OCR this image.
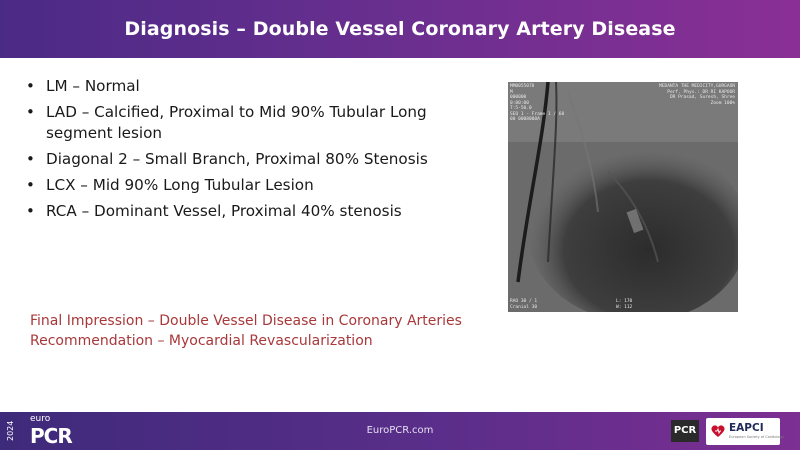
Diagnosis – Double Vessel Coronary Artery Disease
• LM – Normal
• LAD – Calcified, Proximal to Mid 90% Tubular Long segment lesion
• Diagonal 2 – Small Branch, Proximal 80% Stenosis
• LCX – Mid 90% Long Tubular Lesion
• RCA – Dominant Vessel, Proximal 40% stenosis
MM0055078
M
000000
0:00:00
T:5-50.0
SEQ 1 - Frame 1 / 60
00 0008000A
MEDANTA THE MEDICITY,GURGAON
Perf. Phys.: DR RI KAPOOR
DR Prasad, Suresh, Shree
Zoom 100%
RAO 30 / 1
Cranial 30
L: 170
W: 112
Final Impression – Double Vessel Disease in Coronary Arteries
Recommendation – Myocardial Revascularization
EuroPCR.com
2024
euro
PCR	PCR	EAPCI
European Society of Cardiology
